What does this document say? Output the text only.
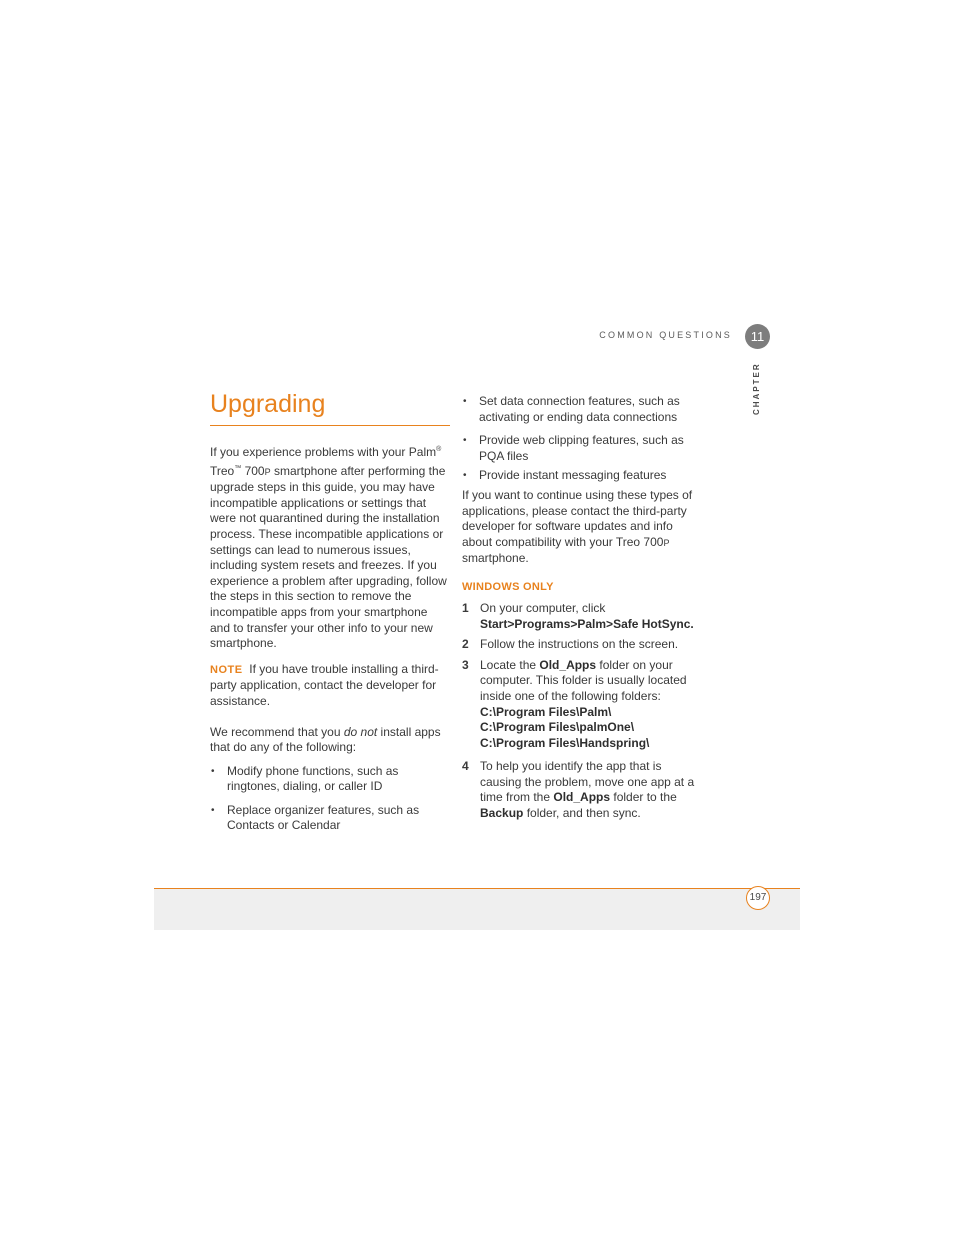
COMMON QUESTIONS	11
CHAPTER
Upgrading

If you experience problems with your Palm® Treo™ 700P smartphone after performing the upgrade steps in this guide, you may have incompatible applications or settings that were not quarantined during the installation process. These incompatible applications or settings can lead to numerous issues, including system resets and freezes. If you experience a problem after upgrading, follow the steps in this section to remove the incompatible apps from your smartphone and to transfer your other info to your new smartphone.

NOTE If you have trouble installing a third-party application, contact the developer for assistance.

We recommend that you do not install apps that do any of the following:

• Modify phone functions, such as ringtones, dialing, or caller ID
• Replace organizer features, such as Contacts or Calendar
• Set data connection features, such as activating or ending data connections
• Provide web clipping features, such as PQA files
• Provide instant messaging features

If you want to continue using these types of applications, please contact the third-party developer for software updates and info about compatibility with your Treo 700P smartphone.

WINDOWS ONLY
1 On your computer, click
Start>Programs>Palm>Safe HotSync.
2 Follow the instructions on the screen.
3 Locate the Old_Apps folder on your computer. This folder is usually located inside one of the following folders:
C:\Program Files\Palm\
C:\Program Files\palmOne\
C:\Program Files\Handspring\
4 To help you identify the app that is causing the problem, move one app at a time from the Old_Apps folder to the Backup folder, and then sync.
197
